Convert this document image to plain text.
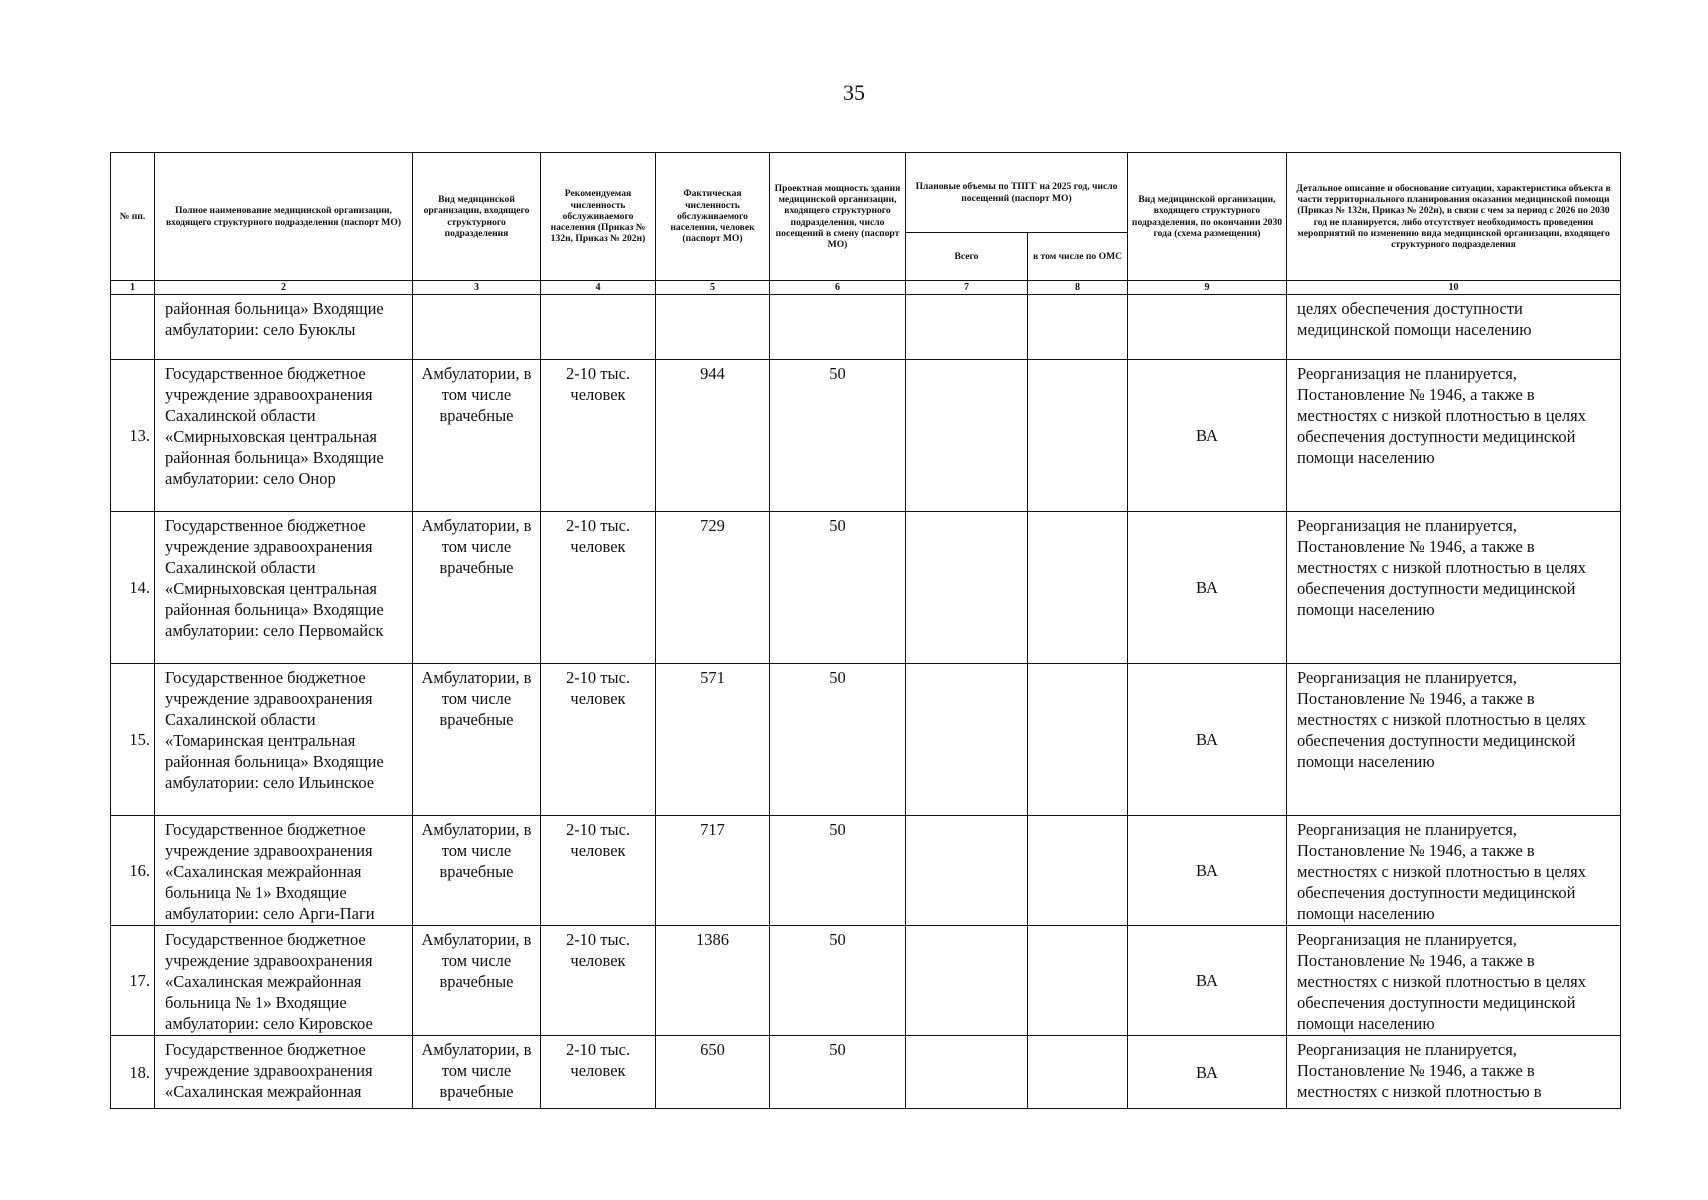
35
№ пп.	Полное наименование медицинской организации, входящего структурного подразделения (паспорт МО)	Вид медицинской организации, входящего структурного подразделения	Рекомендуемая численность обслуживаемого населения (Приказ № 132н, Приказ № 202н)	Фактическая численность обслуживаемого населения, человек (паспорт МО)	Проектная мощность здания медицинской организации, входящего структурного подразделения, число посещений в смену (паспорт МО)	Плановые объемы по ТПГГ на 2025 год, число посещений (паспорт МО)		Вид медицинской организации, входящего структурного подразделения, по окончании 2030 года (схема размещения)	Детальное описание и обоснование ситуации, характеристика объекта в части территориального планирования оказания медицинской помощи (Приказ № 132н, Приказ № 202н), в связи с чем за период с 2026 по 2030 год не планируется, либо отсутствует необходимость проведения мероприятий по изменению вида медицинской организации, входящего структурного подразделения
						Всего	в том числе по ОМС		
1	2	3	4	5	6	7	8	9	10
	районная больница» Входящие амбулатории: село Буюклы								целях обеспечения доступности медицинской помощи населению
13.	Государственное бюджетное учреждение здравоохранения Сахалинской области «Смирныховская центральная районная больница» Входящие амбулатории: село Онор	Амбулатории, в том числе врачебные	2-10 тыс. человек	944	50			ВА	Реорганизация не планируется, Постановление № 1946, а также в местностях с низкой плотностью в целях обеспечения доступности медицинской помощи населению
14.	Государственное бюджетное учреждение здравоохранения Сахалинской области «Смирныховская центральная районная больница» Входящие амбулатории: село Первомайск	Амбулатории, в том числе врачебные	2-10 тыс. человек	729	50			ВА	Реорганизация не планируется, Постановление № 1946, а также в местностях с низкой плотностью в целях обеспечения доступности медицинской помощи населению
15.	Государственное бюджетное учреждение здравоохранения Сахалинской области «Томаринская центральная районная больница» Входящие амбулатории: село Ильинское	Амбулатории, в том числе врачебные	2-10 тыс. человек	571	50			ВА	Реорганизация не планируется, Постановление № 1946, а также в местностях с низкой плотностью в целях обеспечения доступности медицинской помощи населению
16.	Государственное бюджетное учреждение здравоохранения «Сахалинская межрайонная больница № 1» Входящие амбулатории: село Арги-Паги	Амбулатории, в том числе врачебные	2-10 тыс. человек	717	50			ВА	Реорганизация не планируется, Постановление № 1946, а также в местностях с низкой плотностью в целях обеспечения доступности медицинской помощи населению
17.	Государственное бюджетное учреждение здравоохранения «Сахалинская межрайонная больница № 1» Входящие амбулатории: село Кировское	Амбулатории, в том числе врачебные	2-10 тыс. человек	1386	50			ВА	Реорганизация не планируется, Постановление № 1946, а также в местностях с низкой плотностью в целях обеспечения доступности медицинской помощи населению
18.	Государственное бюджетное учреждение здравоохранения «Сахалинская межрайонная	Амбулатории, в том числе врачебные	2-10 тыс. человек	650	50			ВА	Реорганизация не планируется, Постановление № 1946, а также в местностях с низкой плотностью в
